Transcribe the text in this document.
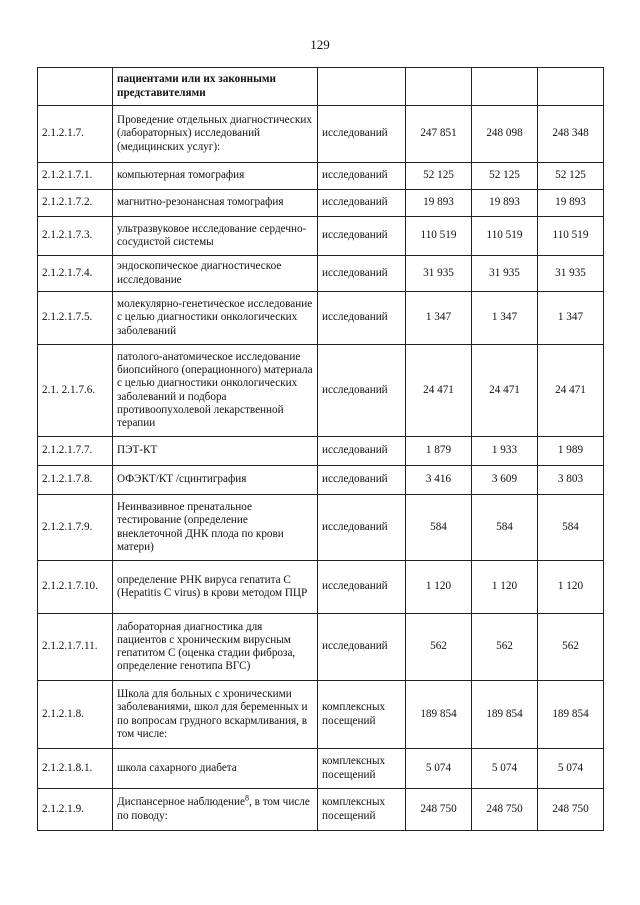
129
	пациентами или их законными представителями				
2.1.2.1.7.	Проведение отдельных диагностических (лабораторных) исследований (медицинских услуг):	исследований	247 851	248 098	248 348
2.1.2.1.7.1.	компьютерная томография	исследований	52 125	52 125	52 125
2.1.2.1.7.2.	магнитно-резонансная томография	исследований	19 893	19 893	19 893
2.1.2.1.7.3.	ультразвуковое исследование сердечно-сосудистой системы	исследований	110 519	110 519	110 519
2.1.2.1.7.4.	эндоскопическое диагностическое исследование	исследований	31 935	31 935	31 935
2.1.2.1.7.5.	молекулярно-генетическое исследование с целью диагностики онкологических заболеваний	исследований	1 347	1 347	1 347
2.1. 2.1.7.6.	патолого-анатомическое исследование биопсийного (операционного) материала с целью диагностики онкологических заболеваний и подбора противоопухолевой лекарственной терапии	исследований	24 471	24 471	24 471
2.1.2.1.7.7.	ПЭТ-КТ	исследований	1 879	1 933	1 989
2.1.2.1.7.8.	ОФЭКТ/КТ /сцинтиграфия	исследований	3 416	3 609	3 803
2.1.2.1.7.9.	Неинвазивное пренатальное тестирование (определение внеклеточной ДНК плода по крови матери)	исследований	584	584	584
2.1.2.1.7.10.	определение РНК вируса гепатита С (Hepatitis C virus) в крови методом ПЦР	исследований	1 120	1 120	1 120
2.1.2.1.7.11.	лабораторная диагностика для пациентов с хроническим вирусным гепатитом С (оценка стадии фиброза, определение генотипа ВГС)	исследований	562	562	562
2.1.2.1.8.	Школа для больных с хроническими заболеваниями, школ для беременных и по вопросам грудного вскармливания, в том числе:	комплексных посещений	189 854	189 854	189 854
2.1.2.1.8.1.	школа сахарного диабета	комплексных посещений	5 074	5 074	5 074
2.1.2.1.9.	Диспансерное наблюдение$^8$, в том числе по поводу:	комплексных посещений	248 750	248 750	248 750
